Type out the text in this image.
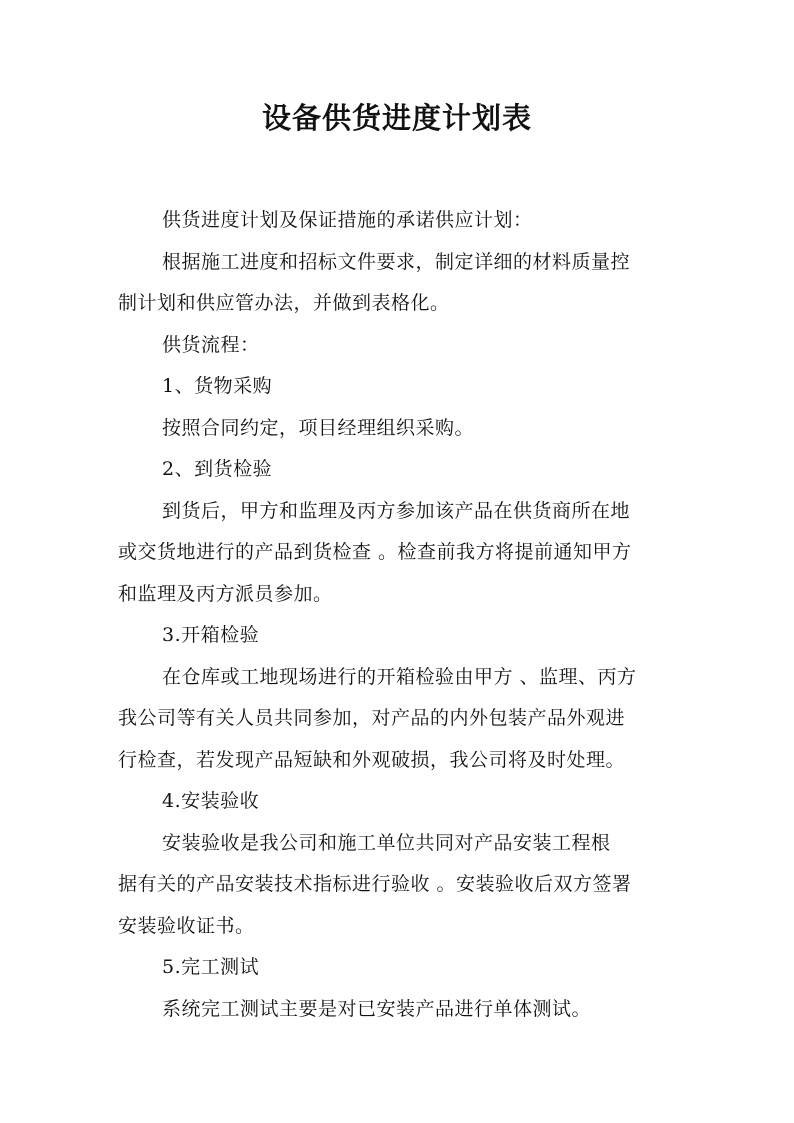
设备供货进度计划表

供货进度计划及保证措施的承诺供应计划：

根据施工进度和招标文件要求，制定详细的材料质量控
制计划和供应管办法，并做到表格化。

供货流程：

1、货物采购

按照合同约定，项目经理组织采购。

2、到货检验

到货后，甲方和监理及丙方参加该产品在供货商所在地
或交货地进行的产品到货检查 。检查前我方将提前通知甲方
和监理及丙方派员参加。

3.开箱检验

在仓库或工地现场进行的开箱检验由甲方 、监理、丙方
我公司等有关人员共同参加，对产品的内外包装产品外观进
行检查，若发现产品短缺和外观破损，我公司将及时处理。

4.安装验收

安装验收是我公司和施工单位共同对产品安装工程根
据有关的产品安装技术指标进行验收 。安装验收后双方签署
安装验收证书。

5.完工测试

系统完工测试主要是对已安装产品进行单体测试。
